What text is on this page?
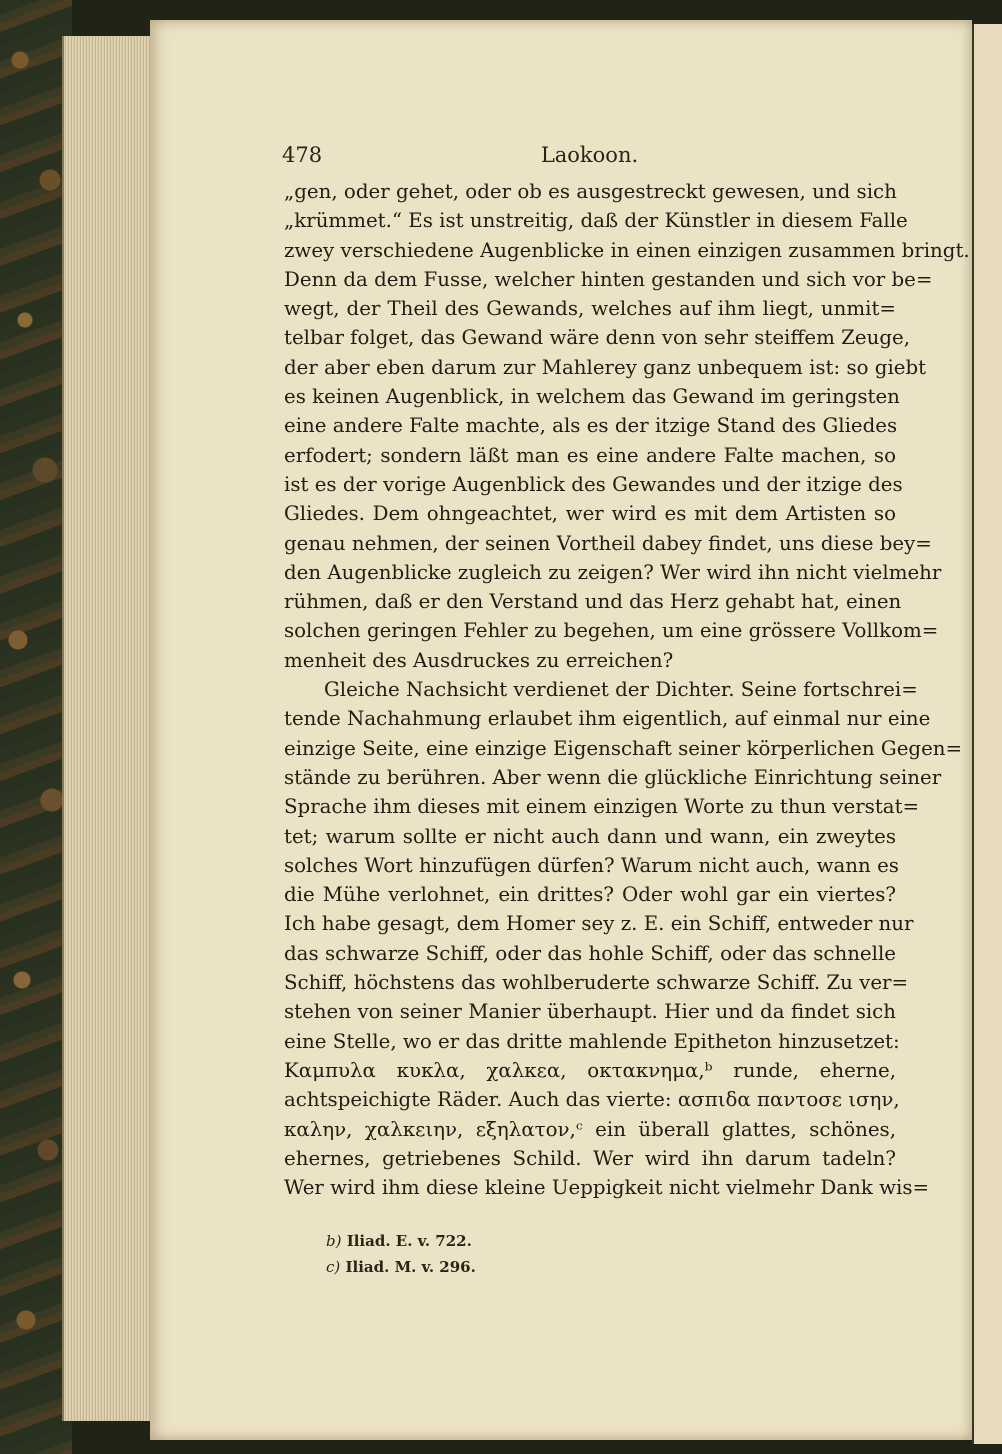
478	Laokoon.
„gen, oder gehet, oder ob es ausgestreckt gewesen, und sich
„krümmet.“ Es ist unstreitig, daß der Künstler in diesem Falle
zwey verschiedene Augenblicke in einen einzigen zusammen bringt.
Denn da dem Fusse, welcher hinten gestanden und sich vor be=
wegt, der Theil des Gewands, welches auf ihm liegt, unmit=
telbar folget, das Gewand wäre denn von sehr steiffem Zeuge,
der aber eben darum zur Mahlerey ganz unbequem ist: so giebt
es keinen Augenblick, in welchem das Gewand im geringsten
eine andere Falte machte, als es der itzige Stand des Gliedes
erfodert; sondern läßt man es eine andere Falte machen, so
ist es der vorige Augenblick des Gewandes und der itzige des
Gliedes. Dem ohngeachtet, wer wird es mit dem Artisten so
genau nehmen, der seinen Vortheil dabey findet, uns diese bey=
den Augenblicke zugleich zu zeigen? Wer wird ihn nicht vielmehr
rühmen, daß er den Verstand und das Herz gehabt hat, einen
solchen geringen Fehler zu begehen, um eine grössere Vollkom=
menheit des Ausdruckes zu erreichen?
Gleiche Nachsicht verdienet der Dichter. Seine fortschrei=
tende Nachahmung erlaubet ihm eigentlich, auf einmal nur eine
einzige Seite, eine einzige Eigenschaft seiner körperlichen Gegen=
stände zu berühren. Aber wenn die glückliche Einrichtung seiner
Sprache ihm dieses mit einem einzigen Worte zu thun verstat=
tet; warum sollte er nicht auch dann und wann, ein zweytes
solches Wort hinzufügen dürfen? Warum nicht auch, wann es
die Mühe verlohnet, ein drittes? Oder wohl gar ein viertes?
Ich habe gesagt, dem Homer sey z. E. ein Schiff, entweder nur
das schwarze Schiff, oder das hohle Schiff, oder das schnelle
Schiff, höchstens das wohlberuderte schwarze Schiff. Zu ver=
stehen von seiner Manier überhaupt. Hier und da findet sich
eine Stelle, wo er das dritte mahlende Epitheton hinzusetzet:
Καμπυλα κυκλα, χαλκεα, οκτακνημα,ᵇ runde, eherne,
achtspeichigte Räder. Auch das vierte: ασπιδα παντοσε ισην,
καλην, χαλκειην, εξηλατον,ᶜ ein überall glattes, schönes,
ehernes, getriebenes Schild. Wer wird ihn darum tadeln?
Wer wird ihm diese kleine Ueppigkeit nicht vielmehr Dank wis=
b) Iliad. E. v. 722.
c) Iliad. M. v. 296.
